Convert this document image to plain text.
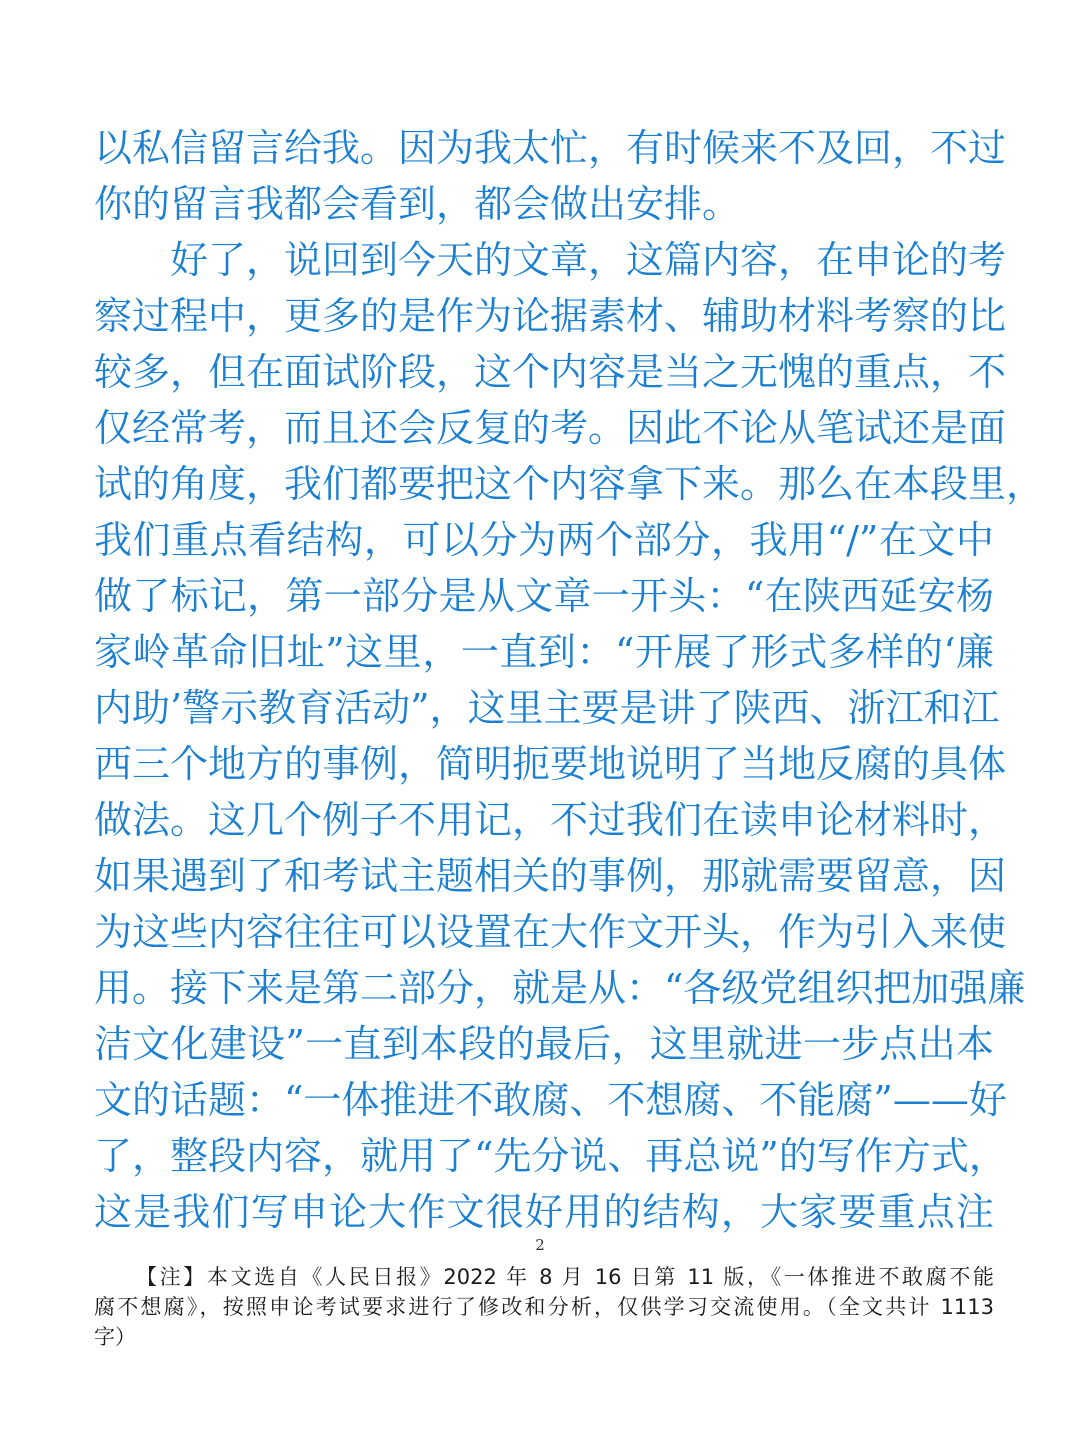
以私信留言给我。因为我太忙，有时候来不及回，不过
你的留言我都会看到，都会做出安排。
好了，说回到今天的文章，这篇内容，在申论的考
察过程中，更多的是作为论据素材、辅助材料考察的比
较多，但在面试阶段，这个内容是当之无愧的重点，不
仅经常考，而且还会反复的考。因此不论从笔试还是面
试的角度，我们都要把这个内容拿下来。那么在本段里，
我们重点看结构，可以分为两个部分，我用“/”在文中
做了标记，第一部分是从文章一开头：“在陕西延安杨
家岭革命旧址”这里，一直到：“开展了形式多样的‘廉
内助’警示教育活动”，这里主要是讲了陕西、浙江和江
西三个地方的事例，简明扼要地说明了当地反腐的具体
做法。这几个例子不用记，不过我们在读申论材料时，
如果遇到了和考试主题相关的事例，那就需要留意，因
为这些内容往往可以设置在大作文开头，作为引入来使
用。接下来是第二部分，就是从：“各级党组织把加强廉
洁文化建设”一直到本段的最后，这里就进一步点出本
文的话题：“一体推进不敢腐、不想腐、不能腐”——好
了，整段内容，就用了“先分说、再总说”的写作方式，
这是我们写申论大作文很好用的结构，大家要重点注
2
【注】本文选自《人民日报》2022 年 8 月 16 日第 11 版，《一体推进不敢腐不能
腐不想腐》，按照申论考试要求进行了修改和分析，仅供学习交流使用。（全文共计 1113
字）
